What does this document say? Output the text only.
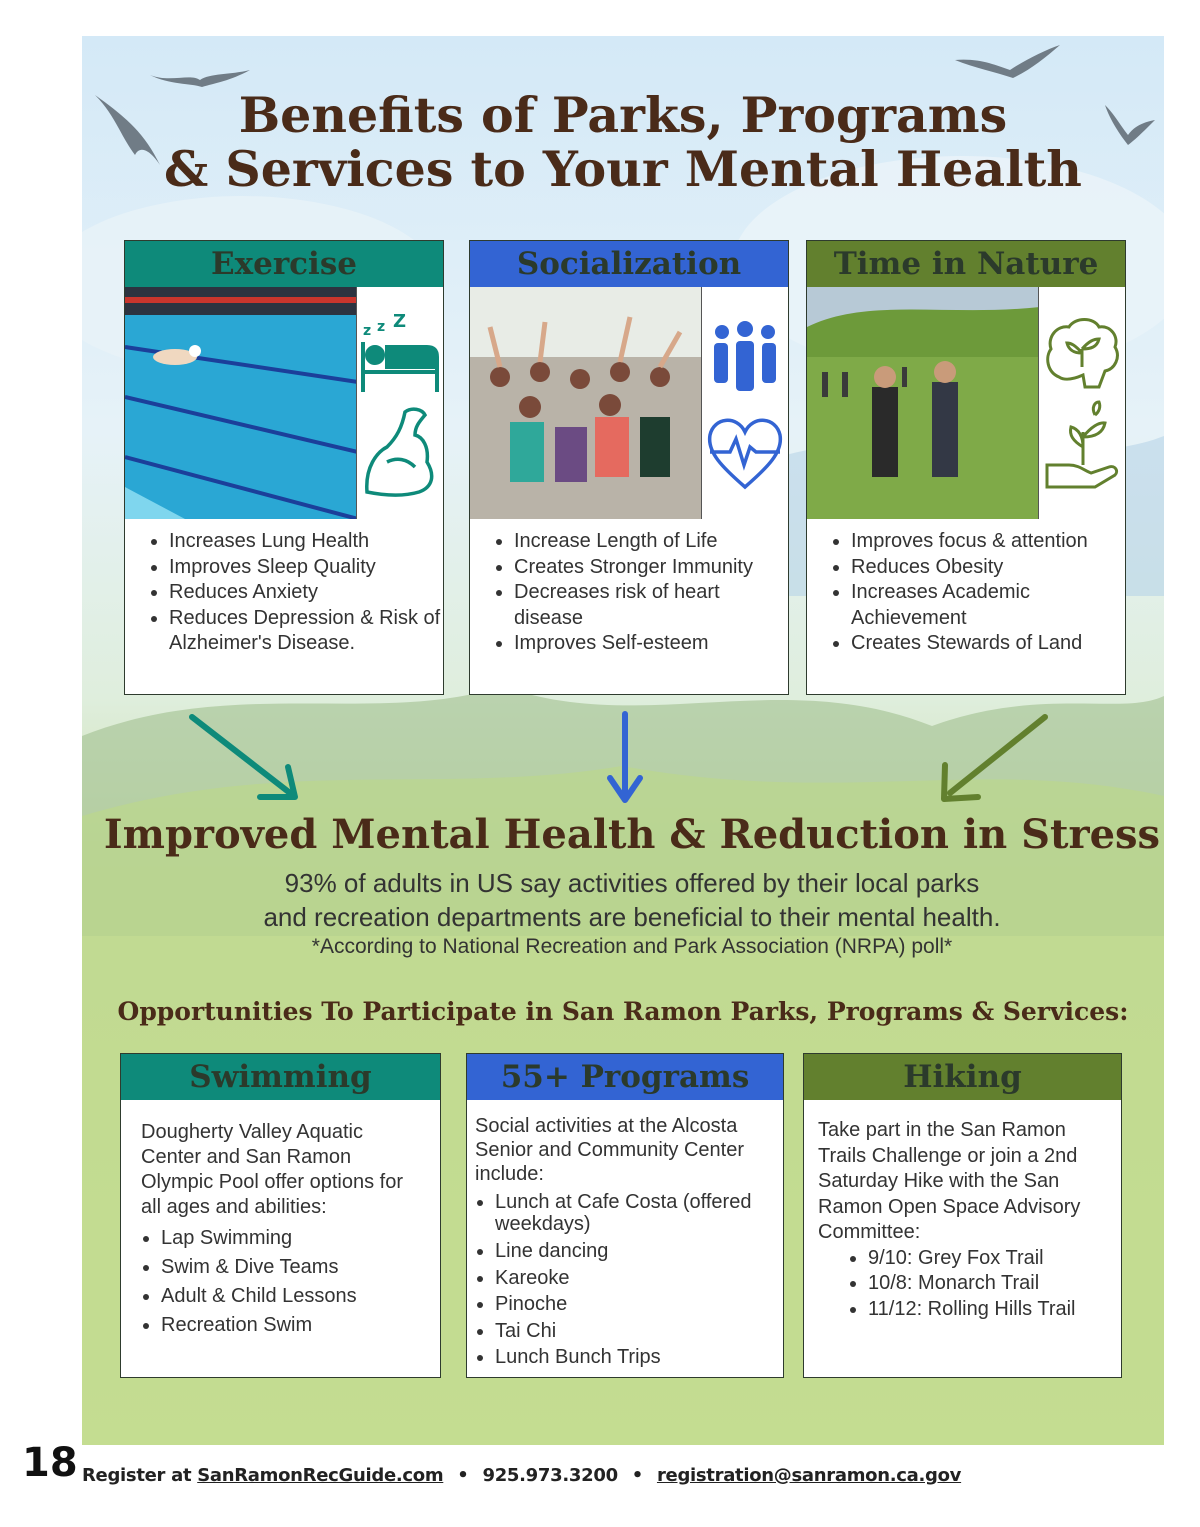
Benefits of Parks, Programs
& Services to Your Mental Health
Exercise
z z Z
• Increases Lung Health
• Improves Sleep Quality
• Reduces Anxiety
• Reduces Depression & Risk of Alzheimer's Disease.
Socialization
• Increase Length of Life
• Creates Stronger Immunity
• Decreases risk of heart disease
• Improves Self-esteem
Time in Nature
• Improves focus & attention
• Reduces Obesity
• Increases Academic Achievement
• Creates Stewards of Land
Improved Mental Health & Reduction in Stress
93% of adults in US say activities offered by their local parks
and recreation departments are beneficial to their mental health.
*According to National Recreation and Park Association (NRPA) poll*
Opportunities To Participate in San Ramon Parks, Programs & Services:
Swimming

Dougherty Valley Aquatic Center and San Ramon Olympic Pool offer options for all ages and abilities:

• Lap Swimming
• Swim & Dive Teams
• Adult & Child Lessons
• Recreation Swim
55+ Programs

Social activities at the Alcosta Senior and Community Center include:

• Lunch at Cafe Costa (offered weekdays)
• Line dancing
• Kareoke
• Pinoche
• Tai Chi
• Lunch Bunch Trips
Hiking

Take part in the San Ramon Trails Challenge or join a 2nd Saturday Hike with the San Ramon Open Space Advisory Committee:

• 9/10: Grey Fox Trail
• 10/8: Monarch Trail
• 11/12: Rolling Hills Trail
18 Register at SanRamonRecGuide.com • 925.973.3200 • registration@sanramon.ca.gov
